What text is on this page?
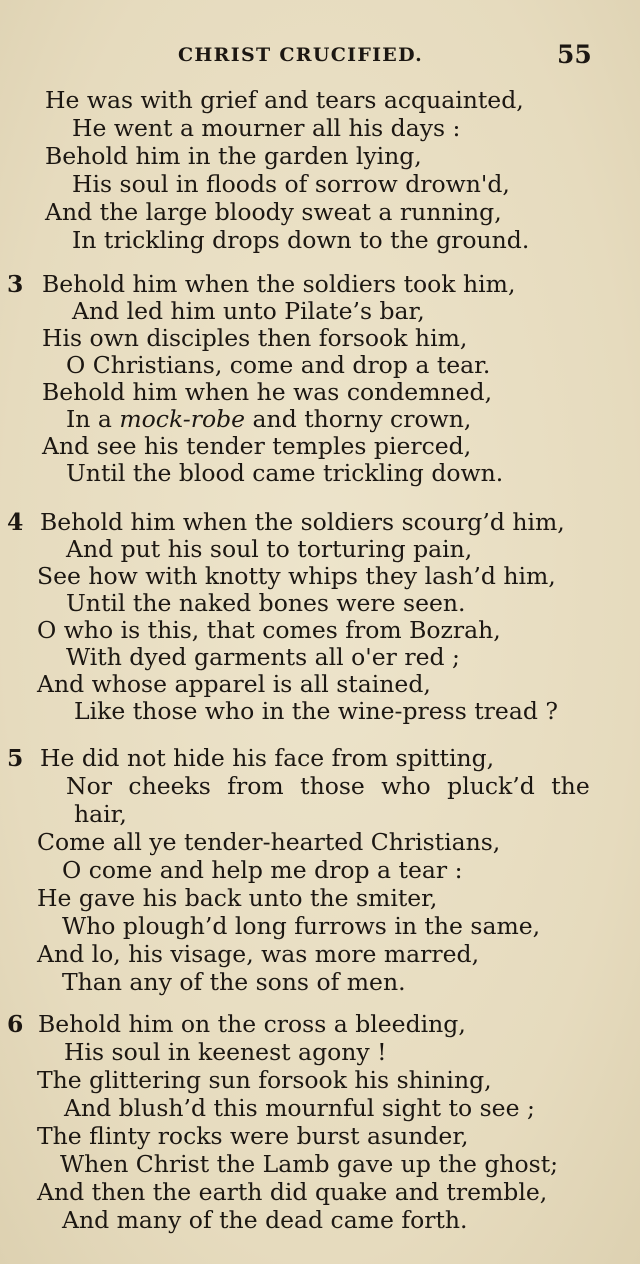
CHRIST CRUCIFIED.	55
He was with grief and tears acquainted,
He went a mourner all his days :
Behold him in the garden lying,
His soul in floods of sorrow drown'd,
And the large bloody sweat a running,
In trickling drops down to the ground.
3 Behold him when the soldiers took him,
And led him unto Pilate’s bar,
His own disciples then forsook him,
O Christians, come and drop a tear.
Behold him when he was condemned,
In a mock-robe and thorny crown,
And see his tender temples pierced,
Until the blood came trickling down.
4 Behold him when the soldiers scourg’d him,
And put his soul to torturing pain,
See how with knotty whips they lash’d him,
Until the naked bones were seen.
O who is this, that comes from Bozrah,
With dyed garments all o'er red ;
And whose apparel is all stained,
Like those who in the wine-press tread ?
5 He did not hide his face from spitting,
Nor cheeks from those who pluck’d the
hair,
Come all ye tender-hearted Christians,
O come and help me drop a tear :
He gave his back unto the smiter,
Who plough’d long furrows in the same,
And lo, his visage, was more marred,
Than any of the sons of men.
6 Behold him on the cross a bleeding,
His soul in keenest agony !
The glittering sun forsook his shining,
And blush’d this mournful sight to see ;
The flinty rocks were burst asunder,
When Christ the Lamb gave up the ghost;
And then the earth did quake and tremble,
And many of the dead came forth.
